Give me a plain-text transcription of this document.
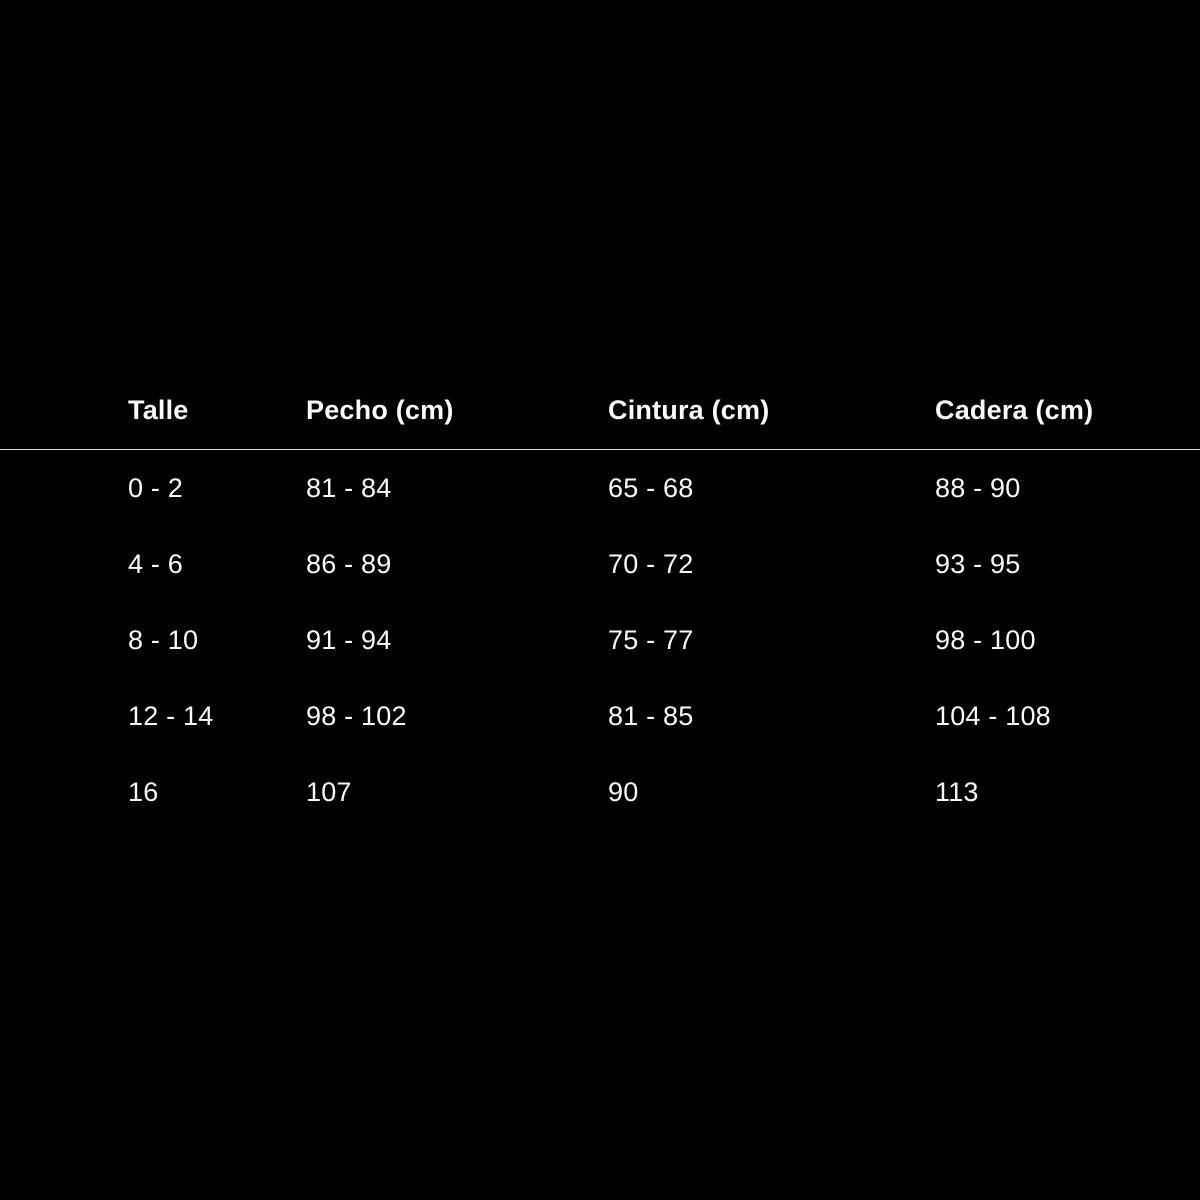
Talle	Pecho (cm)	Cintura (cm)	Cadera (cm)
0 - 2	81 - 84	65 - 68	88 - 90
4 - 6	86 - 89	70 - 72	93 - 95
8 - 10	91 - 94	75 - 77	98 - 100
12 - 14	98 - 102	81 - 85	104 - 108
16	107	90	113
